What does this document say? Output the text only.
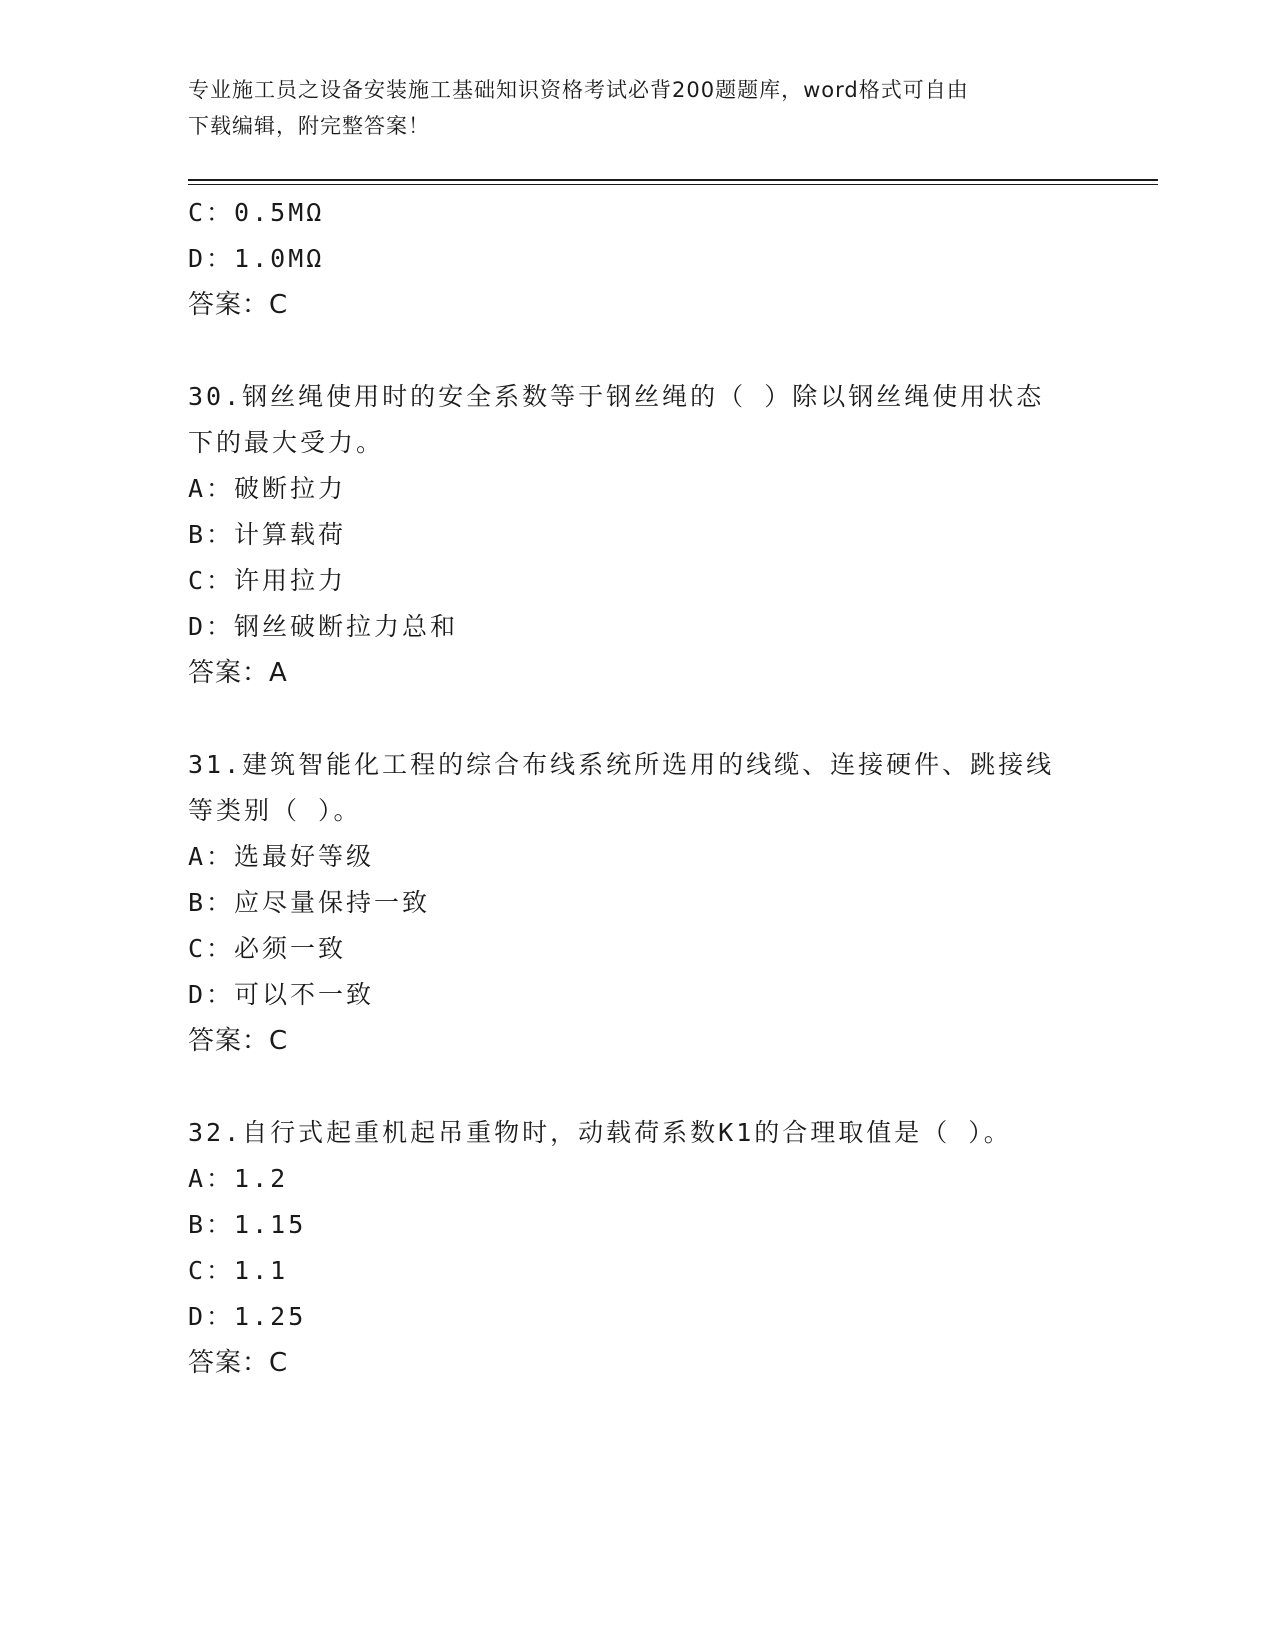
专业施工员之设备安装施工基础知识资格考试必背200题题库，word格式可自由
下载编辑，附完整答案！
C：0.5MΩ
D：1.0MΩ
答案：C
30.钢丝绳使用时的安全系数等于钢丝绳的（ ）除以钢丝绳使用状态
下的最大受力。
A：破断拉力
B：计算载荷
C：许用拉力
D：钢丝破断拉力总和
答案：A
31.建筑智能化工程的综合布线系统所选用的线缆、连接硬件、跳接线
等类别（ ）。
A：选最好等级
B：应尽量保持一致
C：必须一致
D：可以不一致
答案：C
32.自行式起重机起吊重物时，动载荷系数K1的合理取值是（ ）。
A：1.2
B：1.15
C：1.1
D：1.25
答案：C
